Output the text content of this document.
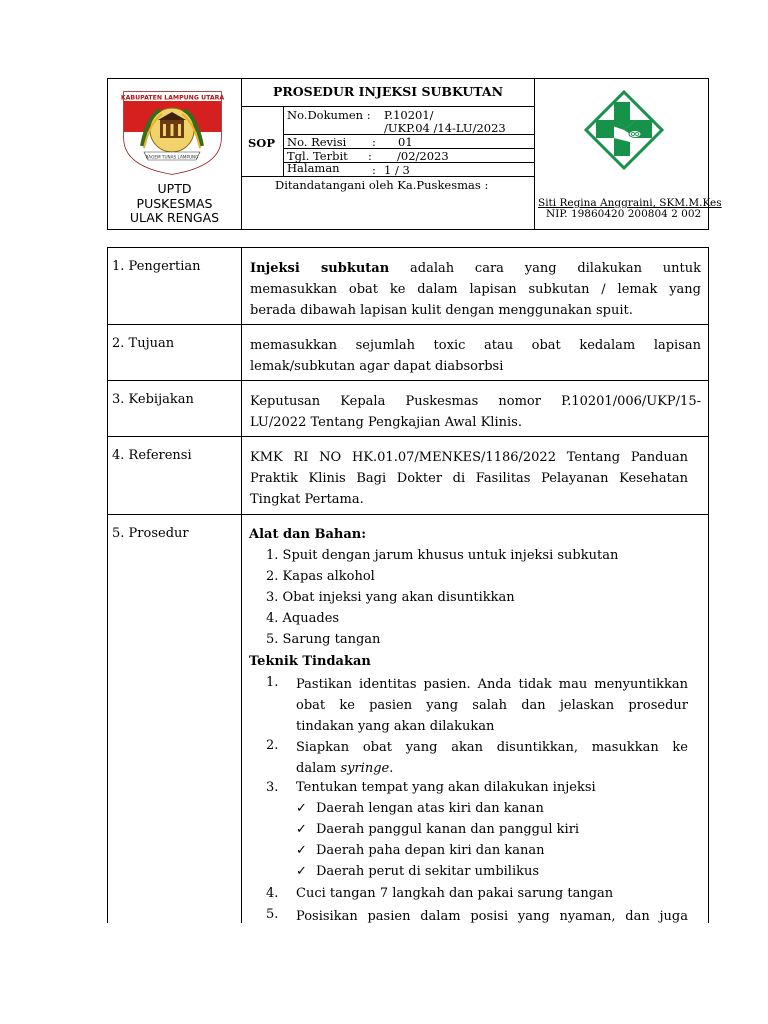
KABUPATEN LAMPUNG UTARA
RAGEM TUNAS LAMPUNG
UPTD
PUSKESMAS
ULAK RENGAS
PROSEDUR INJEKSI SUBKUTAN
SOP
No.Dokumen : P.10201/
/UKP.04 /14-LU/2023
No. Revisi : 01
Tgl. Terbit : /02/2023
Halaman	: 1 / 3
Ditandatangani oleh Ka.Puskesmas :
Siti Regina Anggraini, SKM.M.Kes
NIP. 19860420 200804 2 002
1. Pengertian	Injeksi subkutan adalah cara yang dilakukan untuk
memasukkan obat ke dalam lapisan subkutan / lemak yang
berada dibawah lapisan kulit dengan menggunakan spuit.
2. Tujuan	memasukkan sejumlah toxic atau obat kedalam lapisan
lemak/subkutan agar dapat diabsorbsi
3. Kebijakan	Keputusan Kepala Puskesmas nomor P.10201/006/UKP/15-
LU/2022 Tentang Pengkajian Awal Klinis.
4. Referensi	KMK RI NO HK.01.07/MENKES/1186/2022 Tentang Panduan
Praktik Klinis Bagi Dokter di Fasilitas Pelayanan Kesehatan
Tingkat Pertama.
5. Prosedur	Alat dan Bahan:
1. Spuit dengan jarum khusus untuk injeksi subkutan
2. Kapas alkohol
3. Obat injeksi yang akan disuntikkan
4. Aquades
5. Sarung tangan
Teknik Tindakan
1. Pastikan identitas pasien. Anda tidak mau menyuntikkan
obat ke pasien yang salah dan jelaskan prosedur
tindakan yang akan dilakukan
2. Siapkan obat yang akan disuntikkan, masukkan ke
dalam syringe.
3. Tentukan tempat yang akan dilakukan injeksi
✓ Daerah lengan atas kiri dan kanan
✓ Daerah panggul kanan dan panggul kiri
✓ Daerah paha depan kiri dan kanan
✓ Daerah perut di sekitar umbilikus
4. Cuci tangan 7 langkah dan pakai sarung tangan
5. Posisikan pasien dalam posisi yang nyaman, dan juga
